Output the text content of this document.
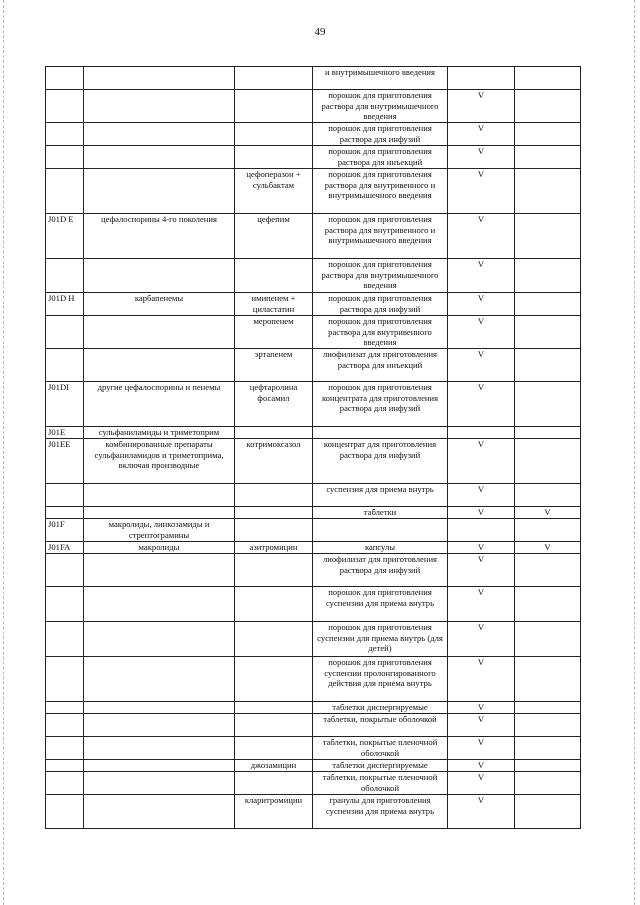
49
			и внутримышечного введения		
			порошок для приготовления раствора для внутримышечного введения	V	
			порошок для приготовления раствора для инфузий	V	
			порошок для приготовления раствора для инъекций	V	
		цефоперазон + сульбактам	порошок для приготовления раствора для внутривенного и внутримышечного введения	V	
J01D E	цефалоспорины 4-го поколения	цефепим	порошок для приготовления раствора для внутривенного и внутримышечного введения	V	
			порошок для приготовления раствора для внутримышечного введения	V	
J01D H	карбапенемы	имипенем + циластатин	порошок для приготовления раствора для инфузий	V	
		меропенем	порошок для приготовления раствора для внутривенного введения	V	
		эртапенем	лиофилизат для приготовления раствора для инъекций	V	
J01DI	другие цефалоспорины и пенемы	цефтаролина фосамил	порошок для приготовления концентрата для приготовления раствора для инфузий	V	
J01E	сульфаниламиды и триметоприм				
J01EE	комбинированные препараты сульфаниламидов и триметоприма, включая производные	котримоксазол	концентрат для приготовления раствора для инфузий	V	
			суспензия для приема внутрь	V	
			таблетки	V	V
J01F	макролиды, линкозамиды и стрептограмины				
J01FA	макролиды	азитромицин	капсулы	V	V
			лиофилизат для приготовления раствора для инфузий	V	
			порошок для приготовления суспензии для приема внутрь	V	
			порошок для приготовления суспензии для приема внутрь (для детей)	V	
			порошок для приготовления суспензии пролонгированного действия для приема внутрь	V	
			таблетки диспергируемые	V	
			таблетки, покрытые оболочкой	V	
			таблетки, покрытые пленочной оболочкой	V	
		джозамицин	таблетки диспергируемые	V	
			таблетки, покрытые пленочной оболочкой	V	
		кларитромицин	гранулы для приготовления суспензии для приема внутрь	V	
